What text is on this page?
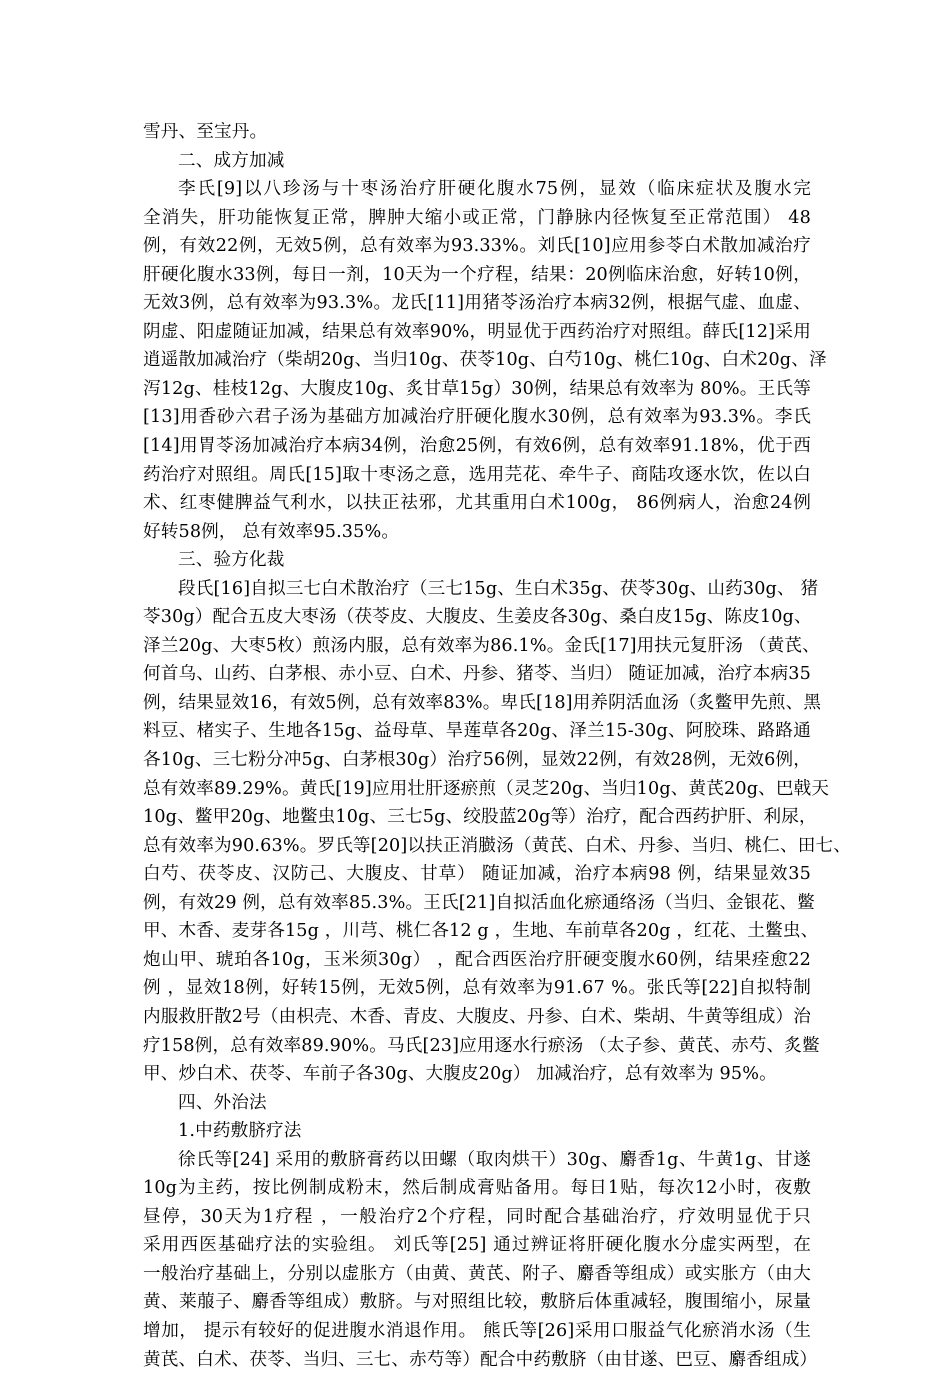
雪丹、至宝丹。
二、成方加减
李氏[9]以八珍汤与十枣汤治疗肝硬化腹水75例，显效（临床症状及腹水完
全消失，肝功能恢复正常，脾肿大缩小或正常，门静脉内径恢复至正常范围） 48
例，有效22例，无效5例，总有效率为93.33%。刘氏[10]应用参苓白术散加减治疗
肝硬化腹水33例，每日一剂，10天为一个疗程，结果：20例临床治愈，好转10例，
无效3例，总有效率为93.3%。龙氏[11]用猪苓汤治疗本病32例，根据气虚、血虚、
阴虚、阳虚随证加减，结果总有效率90%，明显优于西药治疗对照组。薛氏[12]采用
逍遥散加减治疗（柴胡20g、当归10g、茯苓10g、白芍10g、桃仁10g、白术20g、泽
泻12g、桂枝12g、大腹皮10g、炙甘草15g）30例，结果总有效率为 80%。王氏等
[13]用香砂六君子汤为基础方加减治疗肝硬化腹水30例，总有效率为93.3%。李氏
[14]用胃苓汤加减治疗本病34例，治愈25例，有效6例，总有效率91.18%，优于西
药治疗对照组。周氏[15]取十枣汤之意，选用芫花、牵牛子、商陆攻逐水饮，佐以白
术、红枣健脾益气利水，以扶正祛邪，尤其重用白术100g， 86例病人，治愈24例
好转58例， 总有效率95.35%。
三、验方化裁
段氏[16]自拟三七白术散治疗（三七15g、生白术35g、茯苓30g、山药30g、 猪
苓30g）配合五皮大枣汤（茯苓皮、大腹皮、生姜皮各30g、桑白皮15g、陈皮10g、
泽兰20g、大枣5枚）煎汤内服，总有效率为86.1%。金氏[17]用扶元复肝汤 （黄芪、
何首乌、山药、白茅根、赤小豆、白术、丹参、猪苓、当归） 随证加减，治疗本病35
例，结果显效16，有效5例，总有效率83%。卑氏[18]用养阴活血汤（炙鳖甲先煎、黑
料豆、楮实子、生地各15g、益母草、旱莲草各20g、泽兰15-30g、阿胶珠、路路通
各10g、三七粉分冲5g、白茅根30g）治疗56例，显效22例，有效28例，无效6例，
总有效率89.29%。黄氏[19]应用壮肝逐瘀煎（灵芝20g、当归10g、黄芪20g、巴戟天
10g、鳖甲20g、地鳖虫10g、三七5g、绞股蓝20g等）治疗，配合西药护肝、利尿，
总有效率为90.63%。罗氏等[20]以扶正消臌汤（黄芪、白术、丹参、当归、桃仁、田七、
白芍、茯苓皮、汉防己、大腹皮、甘草） 随证加减，治疗本病98 例，结果显效35
例，有效29 例，总有效率85.3%。王氏[21]自拟活血化瘀通络汤（当归、金银花、鳖
甲、木香、麦芽各15g ，川芎、桃仁各12 g ，生地、车前草各20g ，红花、土鳖虫、
炮山甲、琥珀各10g，玉米须30g） ，配合西医治疗肝硬变腹水60例，结果痊愈22
例 ，显效18例，好转15例，无效5例，总有效率为91.67 %。张氏等[22]自拟特制
内服救肝散2号（由枳壳、木香、青皮、大腹皮、丹参、白术、柴胡、牛黄等组成）治
疗158例，总有效率89.90%。马氏[23]应用逐水行瘀汤 （太子参、黄芪、赤芍、炙鳖
甲、炒白术、茯苓、车前子各30g、大腹皮20g） 加减治疗，总有效率为 95%。
四、外治法
1.中药敷脐疗法
徐氏等[24] 采用的敷脐膏药以田螺（取肉烘干）30g、麝香1g、牛黄1g、甘遂
10g为主药，按比例制成粉末，然后制成膏贴备用。每日1贴，每次12小时，夜敷
昼停，30天为1疗程 ，一般治疗2个疗程，同时配合基础治疗，疗效明显优于只
采用西医基础疗法的实验组。 刘氏等[25] 通过辨证将肝硬化腹水分虚实两型，在
一般治疗基础上，分别以虚胀方（由黄、黄芪、附子、麝香等组成）或实胀方（由大
黄、莱菔子、麝香等组成）敷脐。与对照组比较，敷脐后体重减轻，腹围缩小，尿量
增加， 提示有较好的促进腹水消退作用。 熊氏等[26]采用口服益气化瘀消水汤（生
黄芪、白术、茯苓、当归、三七、赤芍等）配合中药敷脐（由甘遂、巴豆、麝香组成）
